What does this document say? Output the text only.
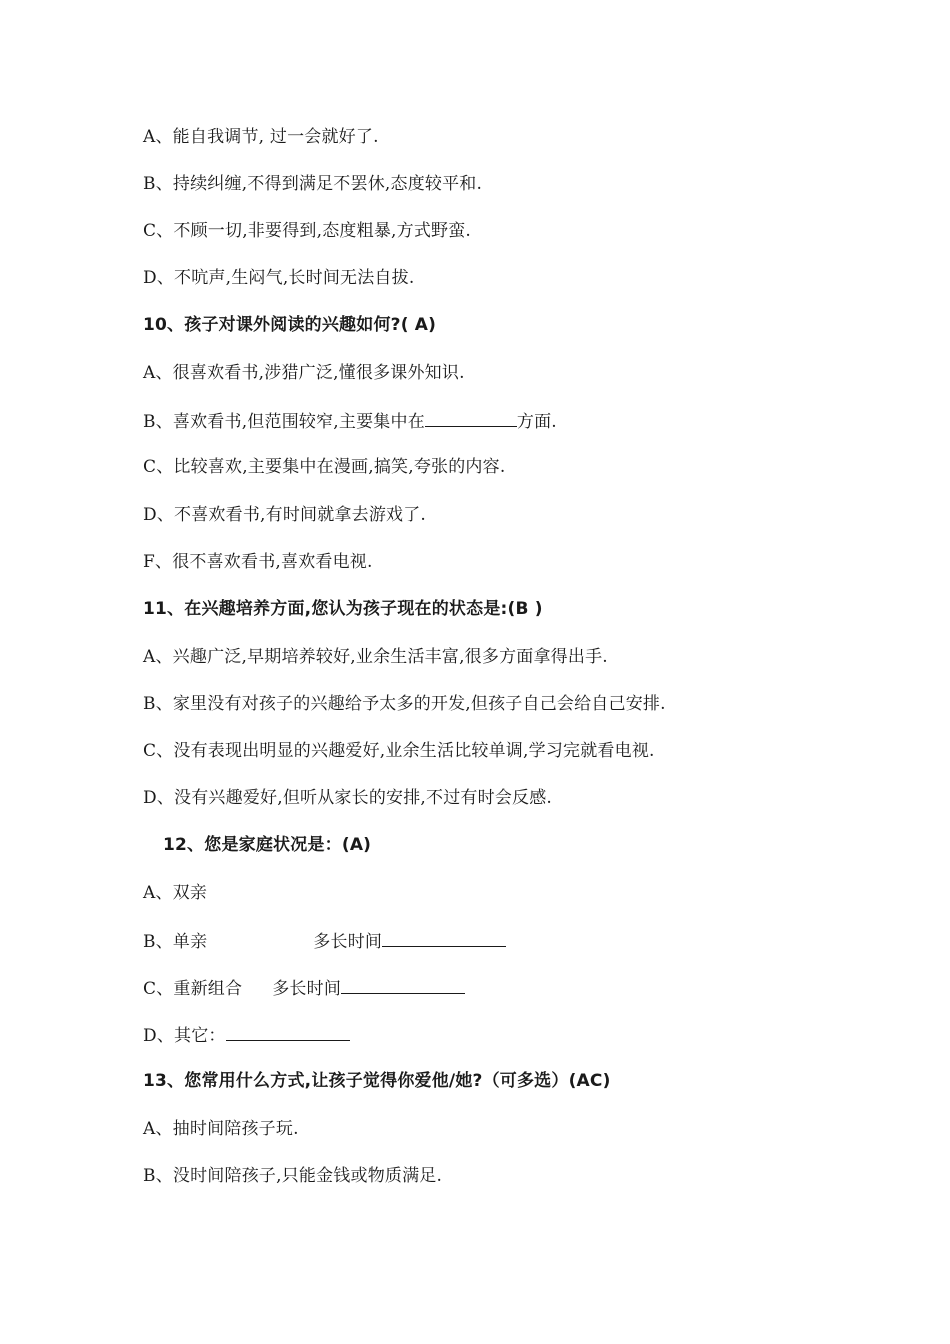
A、能自我调节, 过一会就好了.
B、持续纠缠,不得到满足不罢休,态度较平和.
C、不顾一切,非要得到,态度粗暴,方式野蛮.
D、不吭声,生闷气,长时间无法自拔.
10、孩子对课外阅读的兴趣如何?( A)
A、很喜欢看书,涉猎广泛,懂很多课外知识.
B、喜欢看书,但范围较窄,主要集中在	方面.
C、比较喜欢,主要集中在漫画,搞笑,夸张的内容.
D、不喜欢看书,有时间就拿去游戏了.
F、很不喜欢看书,喜欢看电视.
11、在兴趣培养方面,您认为孩子现在的状态是:(B )
A、兴趣广泛,早期培养较好,业余生活丰富,很多方面拿得出手.
B、家里没有对孩子的兴趣给予太多的开发,但孩子自己会给自己安排.
C、没有表现出明显的兴趣爱好,业余生活比较单调,学习完就看电视.
D、没有兴趣爱好,但听从家长的安排,不过有时会反感.
12、您是家庭状况是：(A)
A、双亲
B、单亲	多长时间
C、重新组合 多长时间
D、其它：
13、您常用什么方式,让孩子觉得你爱他/她?（可多选）(AC)
A、抽时间陪孩子玩.
B、没时间陪孩子,只能金钱或物质满足.
